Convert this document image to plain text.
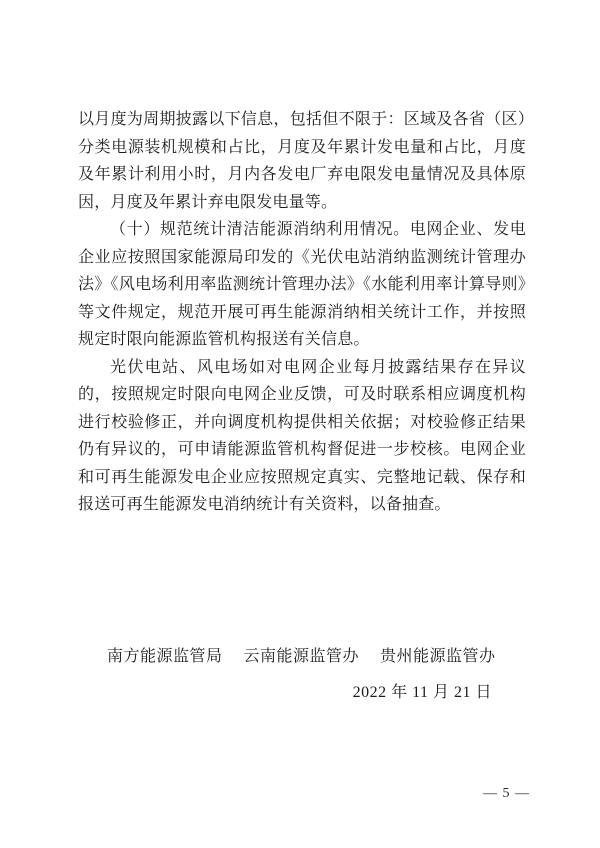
以月度为周期披露以下信息，包括但不限于：区域及各省（区）分类电源装机规模和占比，月度及年累计发电量和占比，月度及年累计利用小时，月内各发电厂弃电限发电量情况及具体原因，月度及年累计弃电限发电量等。

（十）规范统计清洁能源消纳利用情况。电网企业、发电企业应按照国家能源局印发的《光伏电站消纳监测统计管理办法》《风电场利用率监测统计管理办法》《水能利用率计算导则》等文件规定，规范开展可再生能源消纳相关统计工作，并按照规定时限向能源监管机构报送有关信息。

光伏电站、风电场如对电网企业每月披露结果存在异议的，按照规定时限向电网企业反馈，可及时联系相应调度机构进行校验修正，并向调度机构提供相关依据；对校验修正结果仍有异议的，可申请能源监管机构督促进一步校核。电网企业和可再生能源发电企业应按照规定真实、完整地记载、保存和报送可再生能源发电消纳统计有关资料，以备抽查。

南方能源监管局 云南能源监管办 贵州能源监管办
2022 年 11 月 21 日
— 5 —
